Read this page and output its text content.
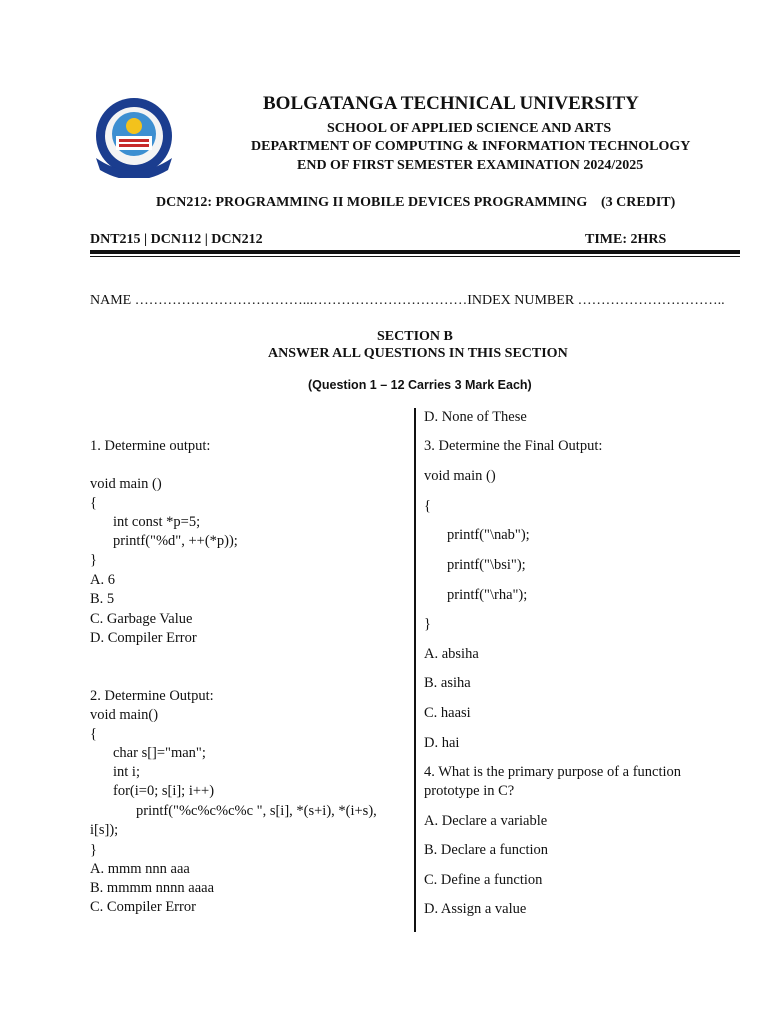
BOLGATANGA TECHNICAL UNIVERSITY
SCHOOL OF APPLIED SCIENCE AND ARTS
DEPARTMENT OF COMPUTING & INFORMATION TECHNOLOGY
END OF FIRST SEMESTER EXAMINATION 2024/2025
DCN212: PROGRAMMING II MOBILE DEVICES PROGRAMMING (3 CREDIT)
DNT215 | DCN112 | DCN212	TIME: 2HRS
NAME ………………………………...……………………………INDEX NUMBER …………………………..
SECTION B
ANSWER ALL QUESTIONS IN THIS SECTION
(Question 1 – 12 Carries 3 Mark Each)
1. Determine output:
void main ()
{
int const *p=5;
printf("%d", ++(*p));
}
A. 6
B. 5
C. Garbage Value
D. Compiler Error
2. Determine Output:
void main()
{
char s[]="man";
int i;
for(i=0; s[i]; i++)
printf("%c%c%c%c ", s[i], *(s+i), *(i+s),
i[s]);
}
A. mmm nnn aaa
B. mmmm nnnn aaaa
C. Compiler Error
D. None of These
3. Determine the Final Output:
void main ()
{
printf("\nab");
printf("\bsi");
printf("\rha");
}
A. absiha
B. asiha
C. haasi
D. hai
4. What is the primary purpose of a function
prototype in C?
A. Declare a variable
B. Declare a function
C. Define a function
D. Assign a value
